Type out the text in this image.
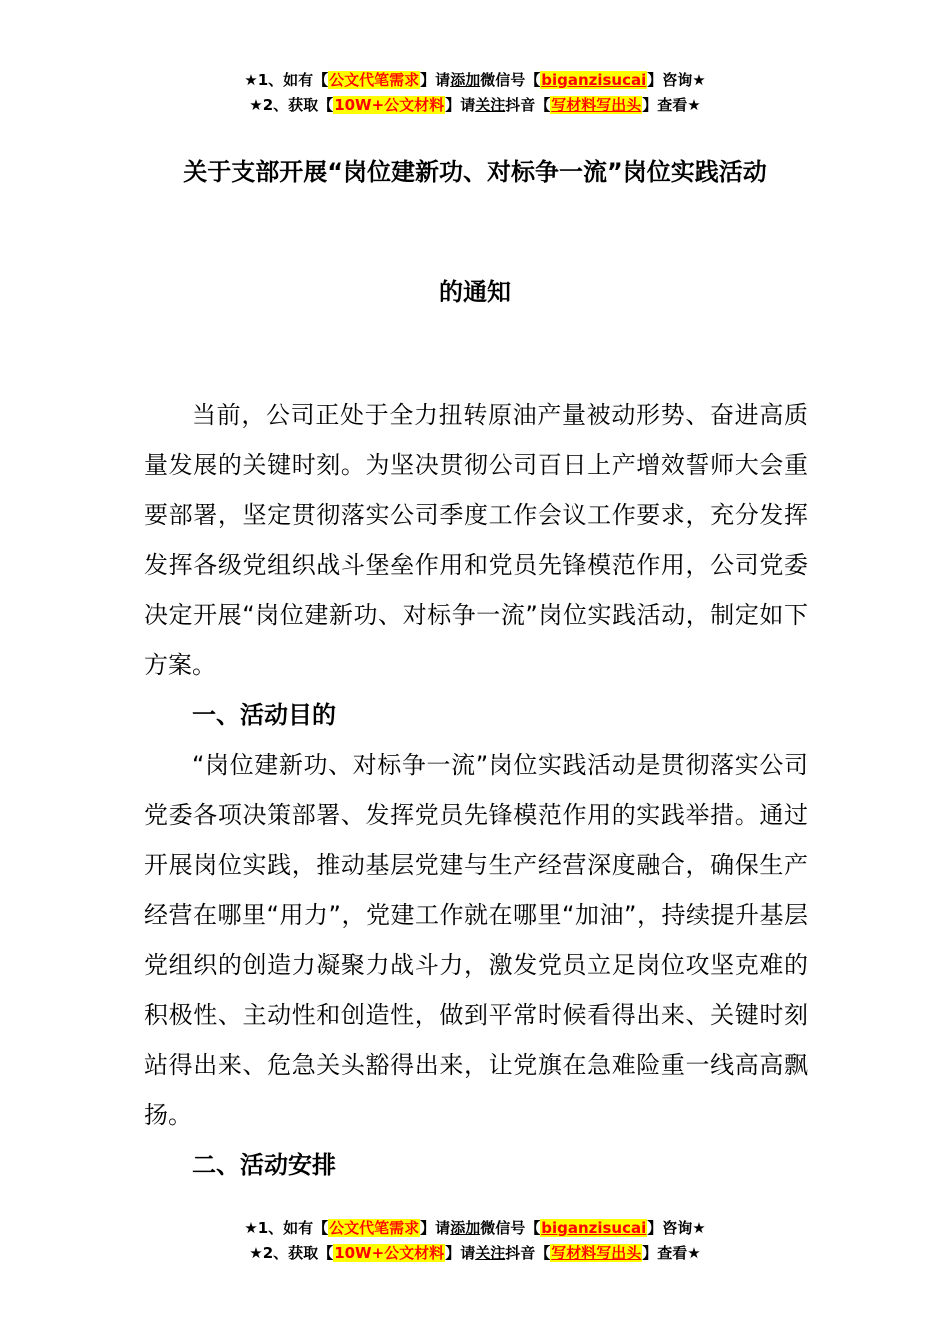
★1、如有【公文代笔需求】请添加微信号【biganzisucai】咨询★
★2、获取【10W+公文材料】请关注抖音【写材料写出头】查看★
关于支部开展“岗位建新功、对标争一流”岗位实践活动
的通知

当前，公司正处于全力扭转原油产量被动形势、奋进高质量发展的关键时刻。为坚决贯彻公司百日上产增效誓师大会重要部署，坚定贯彻落实公司季度工作会议工作要求，充分发挥发挥各级党组织战斗堡垒作用和党员先锋模范作用，公司党委决定开展“岗位建新功、对标争一流”岗位实践活动，制定如下方案。

一、活动目的

“岗位建新功、对标争一流”岗位实践活动是贯彻落实公司党委各项决策部署、发挥党员先锋模范作用的实践举措。通过开展岗位实践，推动基层党建与生产经营深度融合，确保生产经营在哪里“用力”，党建工作就在哪里“加油”，持续提升基层党组织的创造力凝聚力战斗力，激发党员立足岗位攻坚克难的积极性、主动性和创造性，做到平常时候看得出来、关键时刻站得出来、危急关头豁得出来，让党旗在急难险重一线高高飘扬。

二、活动安排

★1、如有【公文代笔需求】请添加微信号【biganzisucai】咨询★
★2、获取【10W+公文材料】请关注抖音【写材料写出头】查看★
